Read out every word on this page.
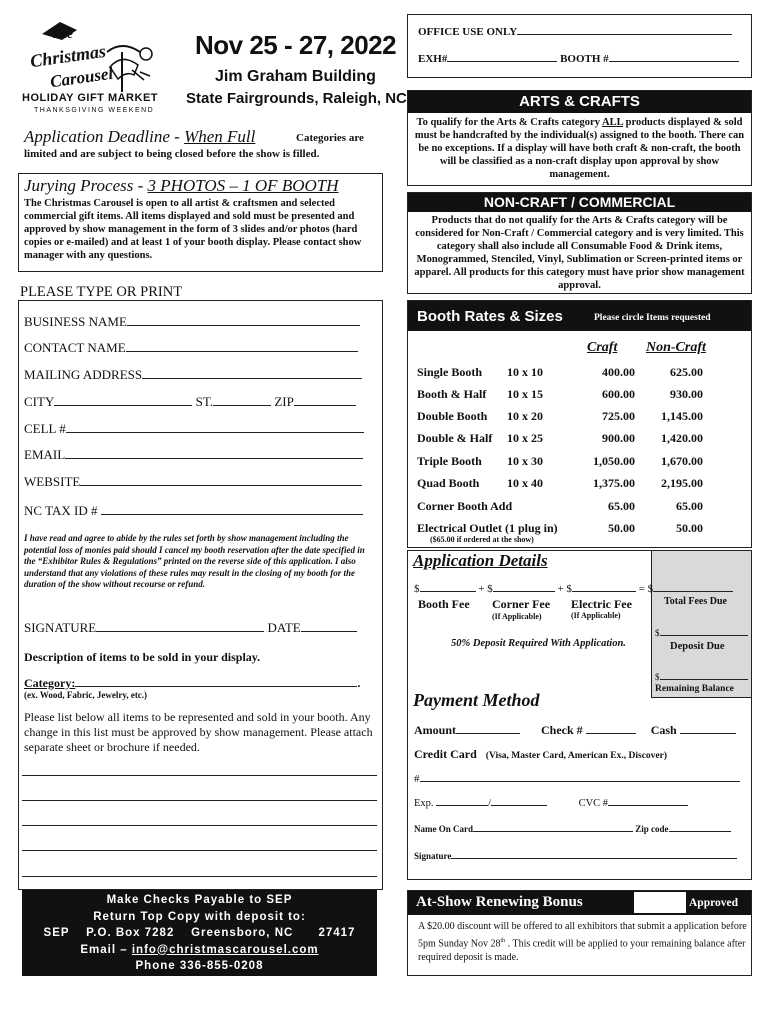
The
Christmas
Carousel
HOLIDAY GIFT MARKET
THANKSGIVING WEEKEND
Nov 25 - 27, 2022
Jim Graham Building
State Fairgrounds, Raleigh, NC
OFFICE USE ONLY
EXH#	BOOTH #
ARTS & CRAFTS
To qualify for the Arts & Crafts category ALL products displayed & sold must be handcrafted by the individual(s) assigned to the booth. There can be no exceptions. If a display will have both craft & non-craft, the booth will be classified as a non-craft display upon approval by show management.
NON-CRAFT / COMMERCIAL
Products that do not qualify for the Arts & Crafts category will be considered for Non-Craft / Commercial category and is very limited. This category shall also include all Consumable Food & Drink items, Monogrammed, Stenciled, Vinyl, Sublimation or Screen-printed items or apparel. All products for this category must have prior show management approval.
Application Deadline - When Full	Categories are
limited and are subject to being closed before the show is filled.
Jurying Process - 3 PHOTOS – 1 OF BOOTH
The Christmas Carousel is open to all artist & craftsmen and selected commercial gift items. All items displayed and sold must be presented and approved by show management in the form of 3 slides and/or photos (hard copies or e-mailed) and at least 1 of your booth display. Please contact show manager with any questions.
PLEASE TYPE OR PRINT
BUSINESS NAME
CONTACT NAME
MAILING ADDRESS
CITY	ST.	ZIP
CELL #
EMAIL
WEBSITE
NC TAX ID #
I have read and agree to abide by the rules set forth by show management including the potential loss of monies paid should I cancel my booth reservation after the date specified in the “Exhibitor Rules & Regulations” printed on the reverse side of this application. I also understand that any violations of these rules may result in the closing of my booth for the duration of the show without recourse or refund.
SIGNATURE	DATE
Description of items to be sold in your display.
Category:	.
(ex. Wood, Fabric, Jewelry, etc.)
Please list below all items to be represented and sold in your booth. Any change in this list must be approved by show management. Please attach separate sheet or brochure if needed.
Make Checks Payable to SEP
Return Top Copy with deposit to:
SEP    P.O. Box 7282    Greensboro, NC      27417
Email – info@christmascarousel.com
Phone 336-855-0208
Booth Rates & Sizes	Please circle Items requested
Craft Non-Craft
Single Booth 10 x 10	400.00	625.00
Booth & Half 10 x 15	600.00	930.00
Double Booth 10 x 20	725.00	1,145.00
Double & Half 10 x 25	900.00	1,420.00
Triple Booth 10 x 30	1,050.00	1,670.00
Quad Booth 10 x 40	1,375.00	2,195.00
Corner Booth Add	65.00	65.00
Electrical Outlet (1 plug in)	50.00	50.00
($65.00 if ordered at the show)
Application Details
$	+ $	+ $	= $
Booth Fee Corner Fee
(If Applicable)
Electric Fee
(If Applicable)
Total Fees Due
50% Deposit Required With Application.
$
Deposit Due
$
Remaining Balance
Payment Method
Amount	Check #	Cash
Credit Card (Visa, Master Card, American Ex., Discover)
#
Exp.	/	CVC #
Name On Card	Zip code
Signature
At-Show Renewing Bonus	Approved
A $20.00 discount will be offered to all exhibitors that submit a application before 5pm Sunday Nov 28th . This credit will be applied to your remaining balance after required deposit is made.
